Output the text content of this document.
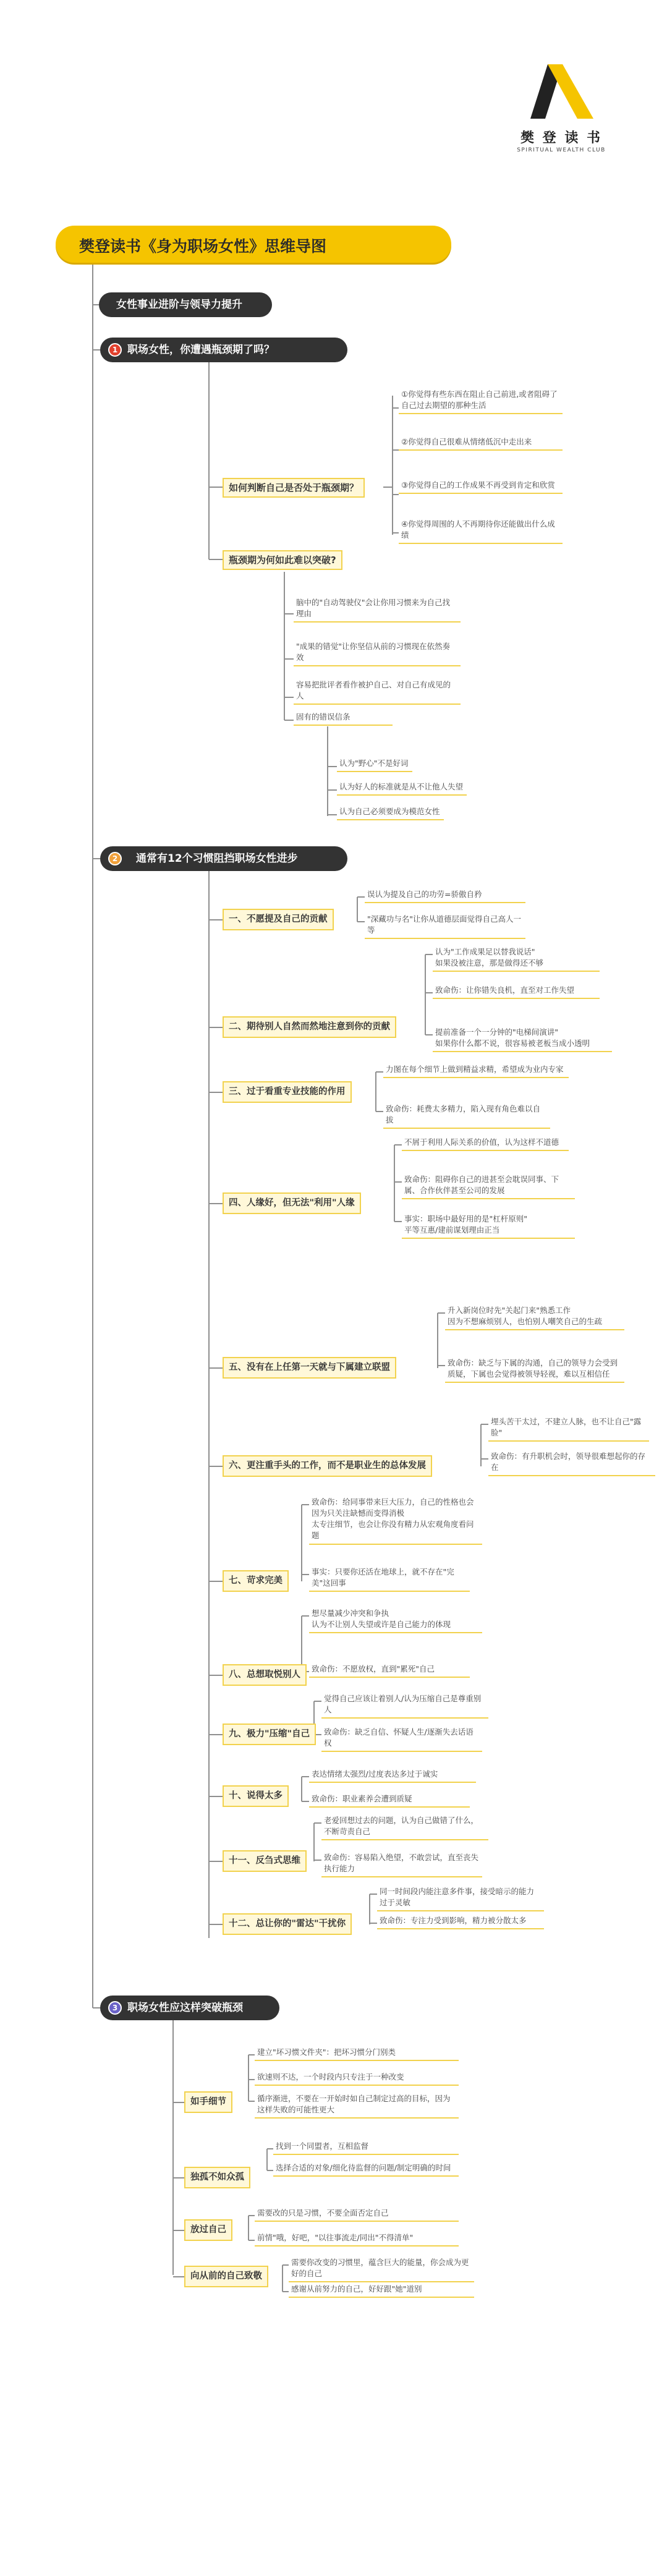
樊 登 读 书
SPIRITUAL WEALTH CLUB
樊登读书《身为职场女性》思维导图
女性事业进阶与领导力提升
1 职场女性，你遭遇瓶颈期了吗？
如何判断自己是否处于瓶颈期？
①你觉得有些东西在阻止自己前进,或者阻碍了自己过去期望的那种生活
②你觉得自己很难从情绪低沉中走出来
③你觉得自己的工作成果不再受到肯定和欣赏
④你觉得周围的人不再期待你还能做出什么成绩
瓶颈期为何如此难以突破?
脑中的"自动驾驶仪"会让你用习惯来为自己找理由
"成果的错觉"让你坚信从前的习惯现在依然奏效
容易把批评者看作被护自己、对自己有成见的人
固有的错误信条
认为"野心"不是好词
认为好人的标准就是从不让他人失望
认为自己必须要成为模范女性
2	通常有12个习惯阻挡职场女性进步
一、不愿提及自己的贡献
误认为提及自己的功劳=骄傲自矜
"深藏功与名"让你从道德层面觉得自己高人一等
二、期待别人自然而然地注意到你的贡献
认为"工作成果足以替我说话"
如果没被注意，那是做得还不够
致命伤：让你错失良机，直至对工作失望
提前准备一个一分钟的"电梯间演讲"
如果你什么都不说，很容易被老板当成小透明
三、过于看重专业技能的作用
力图在每个细节上做到精益求精，希望成为业内专家
致命伤：耗费太多精力，陷入现有角色难以自拔
四、人缘好，但无法"利用"人缘
不屑于利用人际关系的价值，认为这样不道德
致命伤：阻碍你自己的进甚至会耽误同事、下属、合作伙伴甚至公司的发展
事实：职场中最好用的是"杠杆原则"
平等互惠/建前谋划理由正当
五、没有在上任第一天就与下属建立联盟
升入新岗位时先"关起门来"熟悉工作
因为不想麻烦别人，也怕别人嘲笑自己的生疏
致命伤：缺乏与下属的沟通，自己的领导力会受到质疑，下属也会觉得被领导轻视，难以互相信任
六、更注重手头的工作，而不是职业生的总体发展
埋头苦干太过，不建立人脉，也不让自己"露脸"
致命伤：有升职机会时，领导很难想起你的存在
七、苛求完美
致命伤：给同事带来巨大压力，自己的性格也会因为只关注缺憾而变得消极
太专注细节，也会让你没有精力从宏观角度看问题
事实：只要你还活在地球上，就不存在"完美"这回事
八、总想取悦别人
想尽量减少冲突和争执
认为不让别人失望或许是自己能力的体现
致命伤：不愿放权，直到"累死"自己
九、极力"压缩"自己
觉得自己应该让着别人/认为压缩自己是尊重别人
致命伤：缺乏自信、怀疑人生/逐渐失去话语权
十、说得太多
表达情绪太强烈/过度表达多过于诚实
致命伤：职业素养会遭到质疑
十一、反刍式思维
老爱回想过去的问题，认为自己做错了什么，不断苛责自己
致命伤：容易陷入绝望，不敢尝试，直至丧失执行能力
十二、总让你的"雷达"干扰你
同一时间段内能注意多件事，接受暗示的能力过于灵敏
致命伤：专注力受到影响，精力被分散太多
3 职场女性应这样突破瓶颈
如手细节
建立"坏习惯文件夹"：把坏习惯分门别类
欲速则不达，一个时段内只专注于一种改变
循序渐进，不要在一开始时如自己制定过高的目标，因为这样失败的可能性更大
独孤不如众孤
找到一个同盟者，互相监督
选择合适的对象/细化待监督的问题/制定明确的时间
放过自己
需要改的只是习惯，不要全面否定自己
前情"哦，好吧，"以往事流走/同出"不得清单"
向从前的自己致敬
需要你改变的习惯里，蕴含巨大的能量，你会成为更好的自己
感谢从前努力的自己，好好跟"她"道别
